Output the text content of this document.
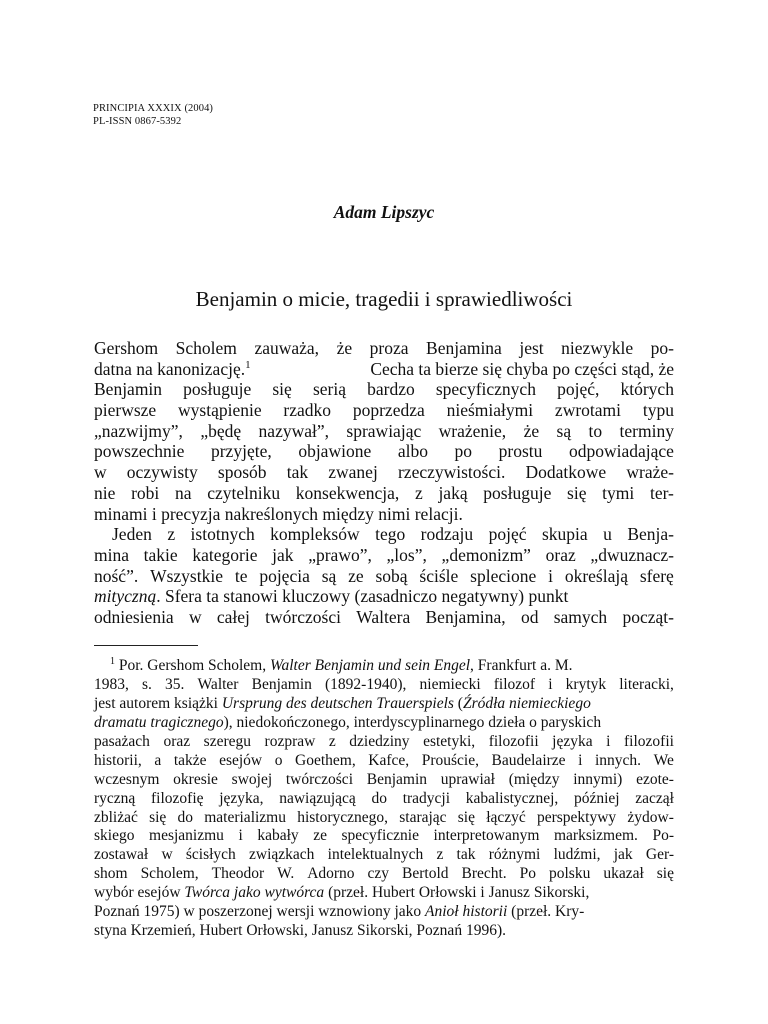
PRINCIPIA XXXIX (2004)
PL-ISSN 0867-5392
Adam Lipszyc
Benjamin o micie, tragedii i sprawiedliwości
Gershom Scholem zauważa, że proza Benjamina jest niezwykle po-
datna na kanonizację.$^1$	Cecha ta bierze się chyba po części stąd, że
Benjamin posługuje się serią bardzo specyficznych pojęć, których
pierwsze wystąpienie rzadko poprzedza nieśmiałymi zwrotami typu
„nazwijmy”, „będę nazywał”, sprawiając wrażenie, że są to terminy
powszechnie przyjęte, objawione albo po prostu odpowiadające
w oczywisty sposób tak zwanej rzeczywistości. Dodatkowe wraże-
nie robi na czytelniku konsekwencja, z jaką posługuje się tymi ter-
minami i precyzja nakreślonych między nimi relacji.
Jeden z istotnych kompleksów tego rodzaju pojęć skupia u Benja-
mina takie kategorie jak „prawo”, „los”, „demonizm” oraz „dwuznacz-
ność”. Wszystkie te pojęcia są ze sobą ściśle splecione i określają sferę
mityczną. Sfera ta stanowi kluczowy (zasadniczo negatywny) punkt
odniesienia w całej twórczości Waltera Benjamina, od samych począt-
$^1$ Por. Gershom Scholem, Walter Benjamin und sein Engel, Frankfurt a. M.
1983, s. 35. Walter Benjamin (1892-1940), niemiecki filozof i krytyk literacki,
jest autorem książki Ursprung des deutschen Trauerspiels (Źródła niemieckiego
dramatu tragicznego), niedokończonego, interdyscyplinarnego dzieła o paryskich
pasażach oraz szeregu rozpraw z dziedziny estetyki, filozofii języka i filozofii
historii, a także esejów o Goethem, Kafce, Prouście, Baudelairze i innych. We
wczesnym okresie swojej twórczości Benjamin uprawiał (między innymi) ezote-
ryczną filozofię języka, nawiązującą do tradycji kabalistycznej, później zaczął
zbliżać się do materializmu historycznego, starając się łączyć perspektywy żydow-
skiego mesjanizmu i kabały ze specyficznie interpretowanym marksizmem. Po-
zostawał w ścisłych związkach intelektualnych z tak różnymi ludźmi, jak Ger-
shom Scholem, Theodor W. Adorno czy Bertold Brecht. Po polsku ukazał się
wybór esejów Twórca jako wytwórca (przeł. Hubert Orłowski i Janusz Sikorski,
Poznań 1975) w poszerzonej wersji wznowiony jako Anioł historii (przeł. Kry-
styna Krzemień, Hubert Orłowski, Janusz Sikorski, Poznań 1996).
